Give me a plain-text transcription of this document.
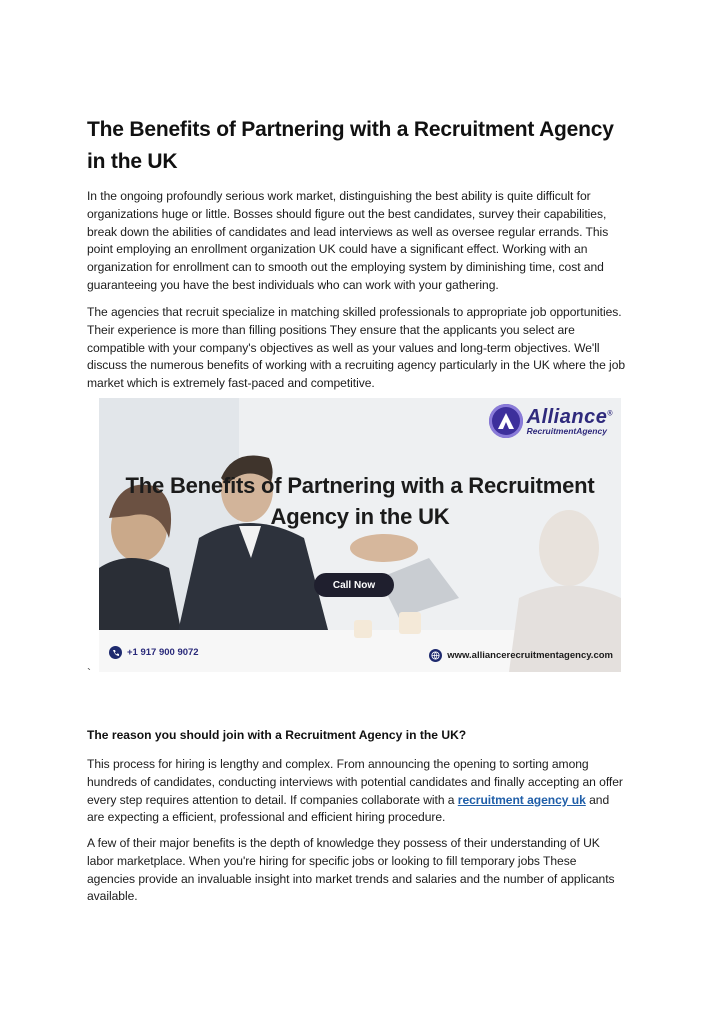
The Benefits of Partnering with a Recruitment Agency in the UK

In the ongoing profoundly serious work market, distinguishing the best ability is quite difficult for organizations huge or little. Bosses should figure out the best candidates, survey their capabilities, break down the abilities of candidates and lead interviews as well as oversee regular errands. This point employing an enrollment organization UK could have a significant effect. Working with an organization for enrollment can to smooth out the employing system by diminishing time, cost and guaranteeing you have the best individuals who can work with your gathering.

The agencies that recruit specialize in matching skilled professionals to appropriate job opportunities. Their experience is more than filling positions They ensure that the applicants you select are compatible with your company's objectives as well as your values and long-term objectives. We'll discuss the numerous benefits of working with a recruiting agency particularly in the UK where the job market which is extremely fast-paced and competitive.

`
The reason you should join with a Recruitment Agency in the UK?

This process for hiring is lengthy and complex. From announcing the opening to sorting among hundreds of candidates, conducting interviews with potential candidates and finally accepting an offer every step requires attention to detail. If companies collaborate with a recruitment agency uk and are expecting a efficient, professional and efficient hiring procedure.

A few of their major benefits is the depth of knowledge they possess of their understanding of UK labor marketplace. When you're hiring for specific jobs or looking to fill temporary jobs These agencies provide an invaluable insight into market trends and salaries and the number of applicants available.

Alliance®
RecruitmentAgency
The Benefits of Partnering with a Recruitment Agency in the UK
Call Now
+1 917 900 9072	www.alliancerecruitmentagency.com
